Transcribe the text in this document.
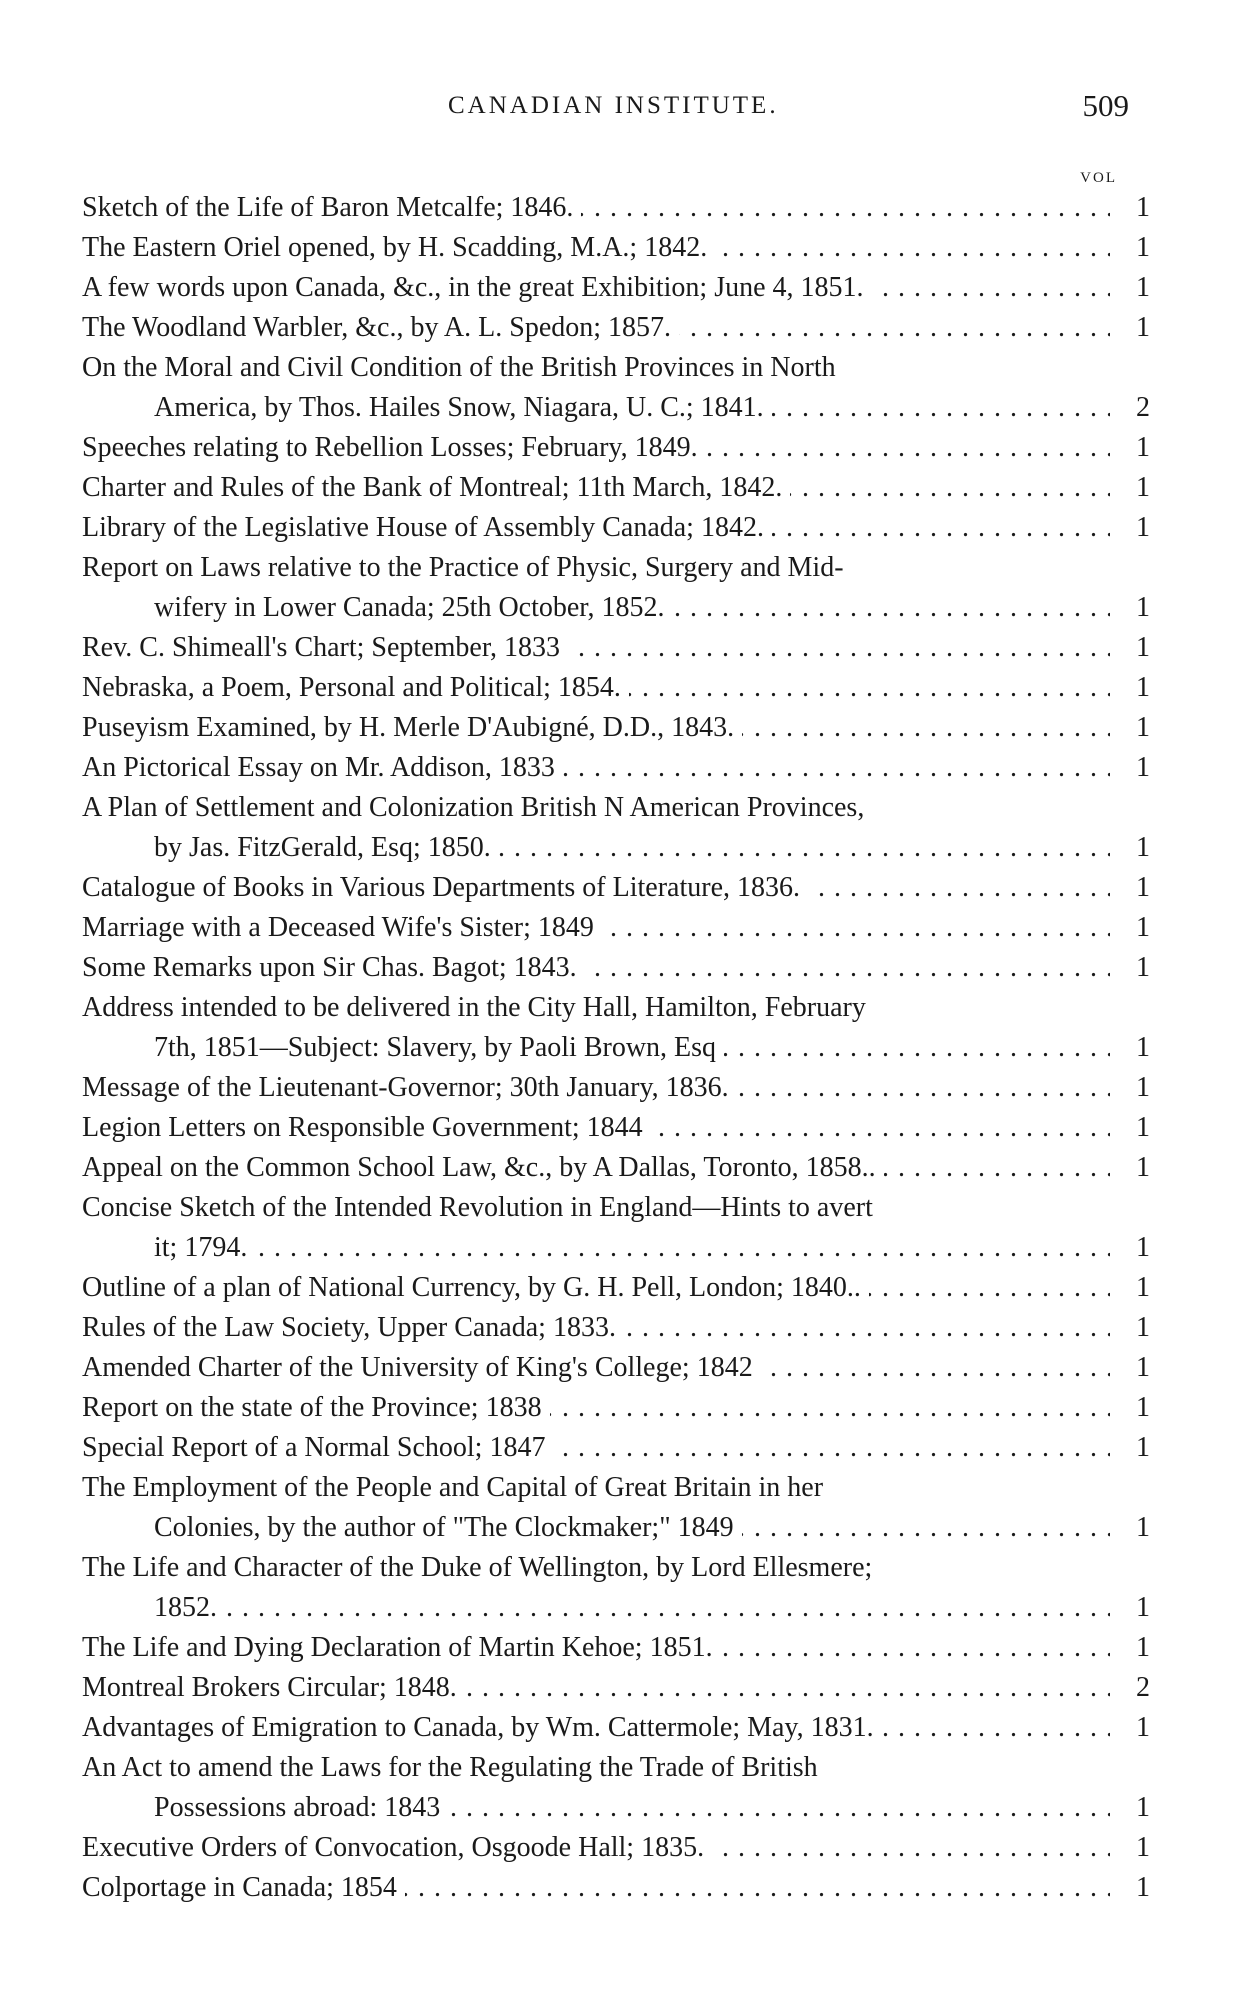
CANADIAN INSTITUTE.	509
VOL
. . . Sketch of the Life of Baron Metcalfe; 1846.	1
. . . The Eastern Oriel opened, by H. Scadding, M.A.; 1842.	1
. . . A few words upon Canada, &c., in the great Exhibition; June 4, 1851.	1
. . . The Woodland Warbler, &c., by A. L. Spedon; 1857.	1
On the Moral and Civil Condition of the British Provinces in North
. . . America, by Thos. Hailes Snow, Niagara, U. C.; 1841.	2
. . . Speeches relating to Rebellion Losses; February, 1849.	1
. . . Charter and Rules of the Bank of Montreal; 11th March, 1842.	1
. . . Library of the Legislative House of Assembly Canada; 1842.	1
Report on Laws relative to the Practice of Physic, Surgery and Mid-
. . . wifery in Lower Canada; 25th October, 1852.	1
. . . Rev. C. Shimeall's Chart; September, 1833	1
. . . Nebraska, a Poem, Personal and Political; 1854.	1
. . . Puseyism Examined, by H. Merle D'Aubigné, D.D., 1843.	1
. . . An Pictorical Essay on Mr. Addison, 1833	1
A Plan of Settlement and Colonization British N American Provinces,
. . . by Jas. FitzGerald, Esq; 1850.	1
. . . Catalogue of Books in Various Departments of Literature, 1836.	1
. . . Marriage with a Deceased Wife's Sister; 1849	1
. . . Some Remarks upon Sir Chas. Bagot; 1843.	1
Address intended to be delivered in the City Hall, Hamilton, February
. . . 7th, 1851—Subject: Slavery, by Paoli Brown, Esq	1
. . . Message of the Lieutenant-Governor; 30th January, 1836.	1
. . . Legion Letters on Responsible Government; 1844	1
. . . Appeal on the Common School Law, &c., by A Dallas, Toronto, 1858..	1
Concise Sketch of the Intended Revolution in England—Hints to avert
. . . it; 1794.	1
. . . Outline of a plan of National Currency, by G. H. Pell, London; 1840..	1
. . . Rules of the Law Society, Upper Canada; 1833.	1
. . . Amended Charter of the University of King's College; 1842	1
. . . Report on the state of the Province; 1838	1
. . . Special Report of a Normal School; 1847	1
The Employment of the People and Capital of Great Britain in her
. . . Colonies, by the author of "The Clockmaker;" 1849	1
The Life and Character of the Duke of Wellington, by Lord Ellesmere;
. . . 1852.	1
. . . The Life and Dying Declaration of Martin Kehoe; 1851.	1
. . . Montreal Brokers Circular; 1848.	2
. . . Advantages of Emigration to Canada, by Wm. Cattermole; May, 1831.	1
An Act to amend the Laws for the Regulating the Trade of British
. . . Possessions abroad: 1843	1
. . . Executive Orders of Convocation, Osgoode Hall; 1835.	1
. . . Colportage in Canada; 1854	1
